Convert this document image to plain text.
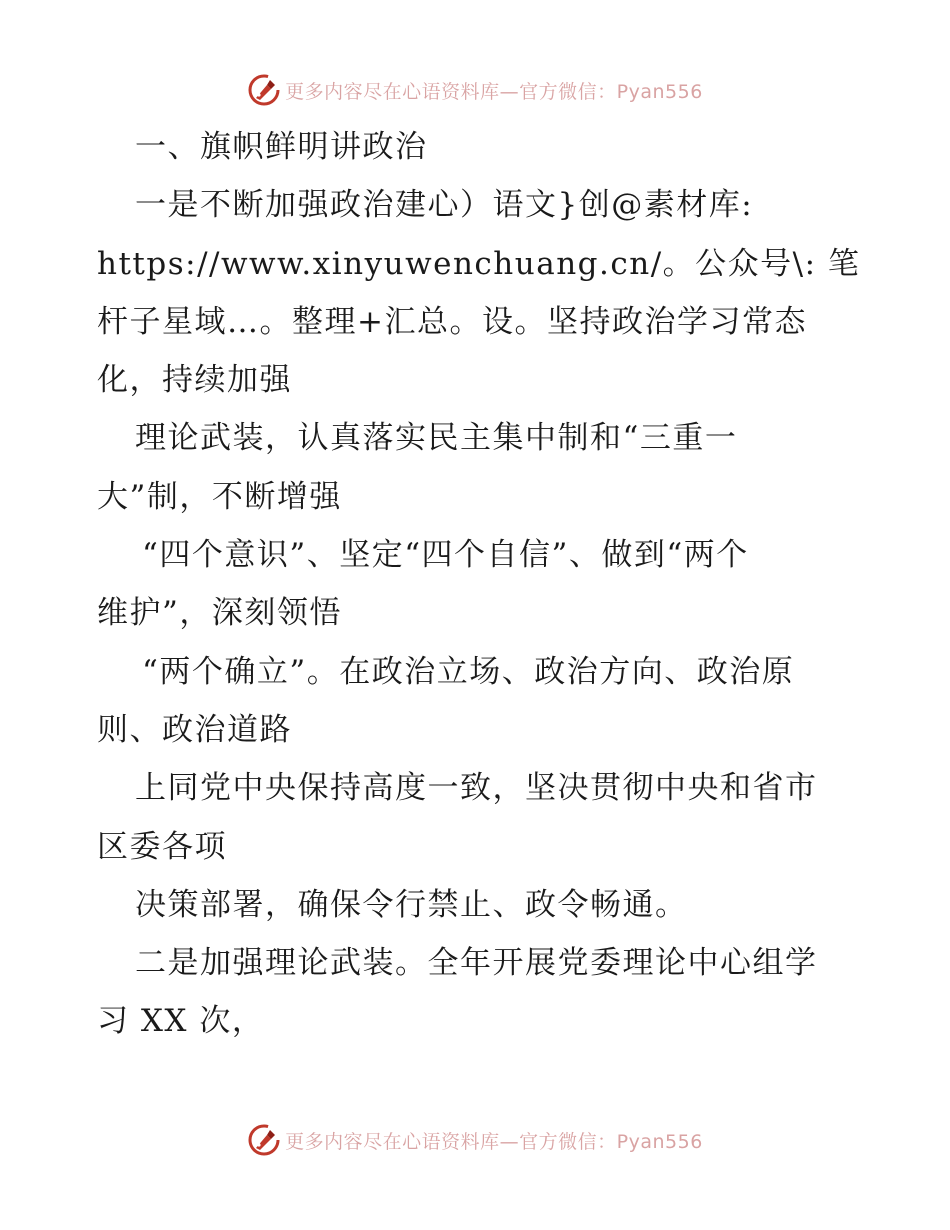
更多内容尽在心语资料库—官方微信：Pyan556
一、旗帜鲜明讲政治
一是不断加强政治建心）语文}创@素材库:
https://www.xinyuwenchuang.cn/。公众号\: 笔
杆子星域…。整理+汇总。设。坚持政治学习常态
化，持续加强
理论武装，认真落实民主集中制和“三重一
大”制，不断增强
“四个意识”、坚定“四个自信”、做到“两个
维护”，深刻领悟
“两个确立”。在政治立场、政治方向、政治原
则、政治道路
上同党中央保持高度一致，坚决贯彻中央和省市
区委各项
决策部署，确保令行禁止、政令畅通。
二是加强理论武装。全年开展党委理论中心组学
习 XX 次，
更多内容尽在心语资料库—官方微信：Pyan556
